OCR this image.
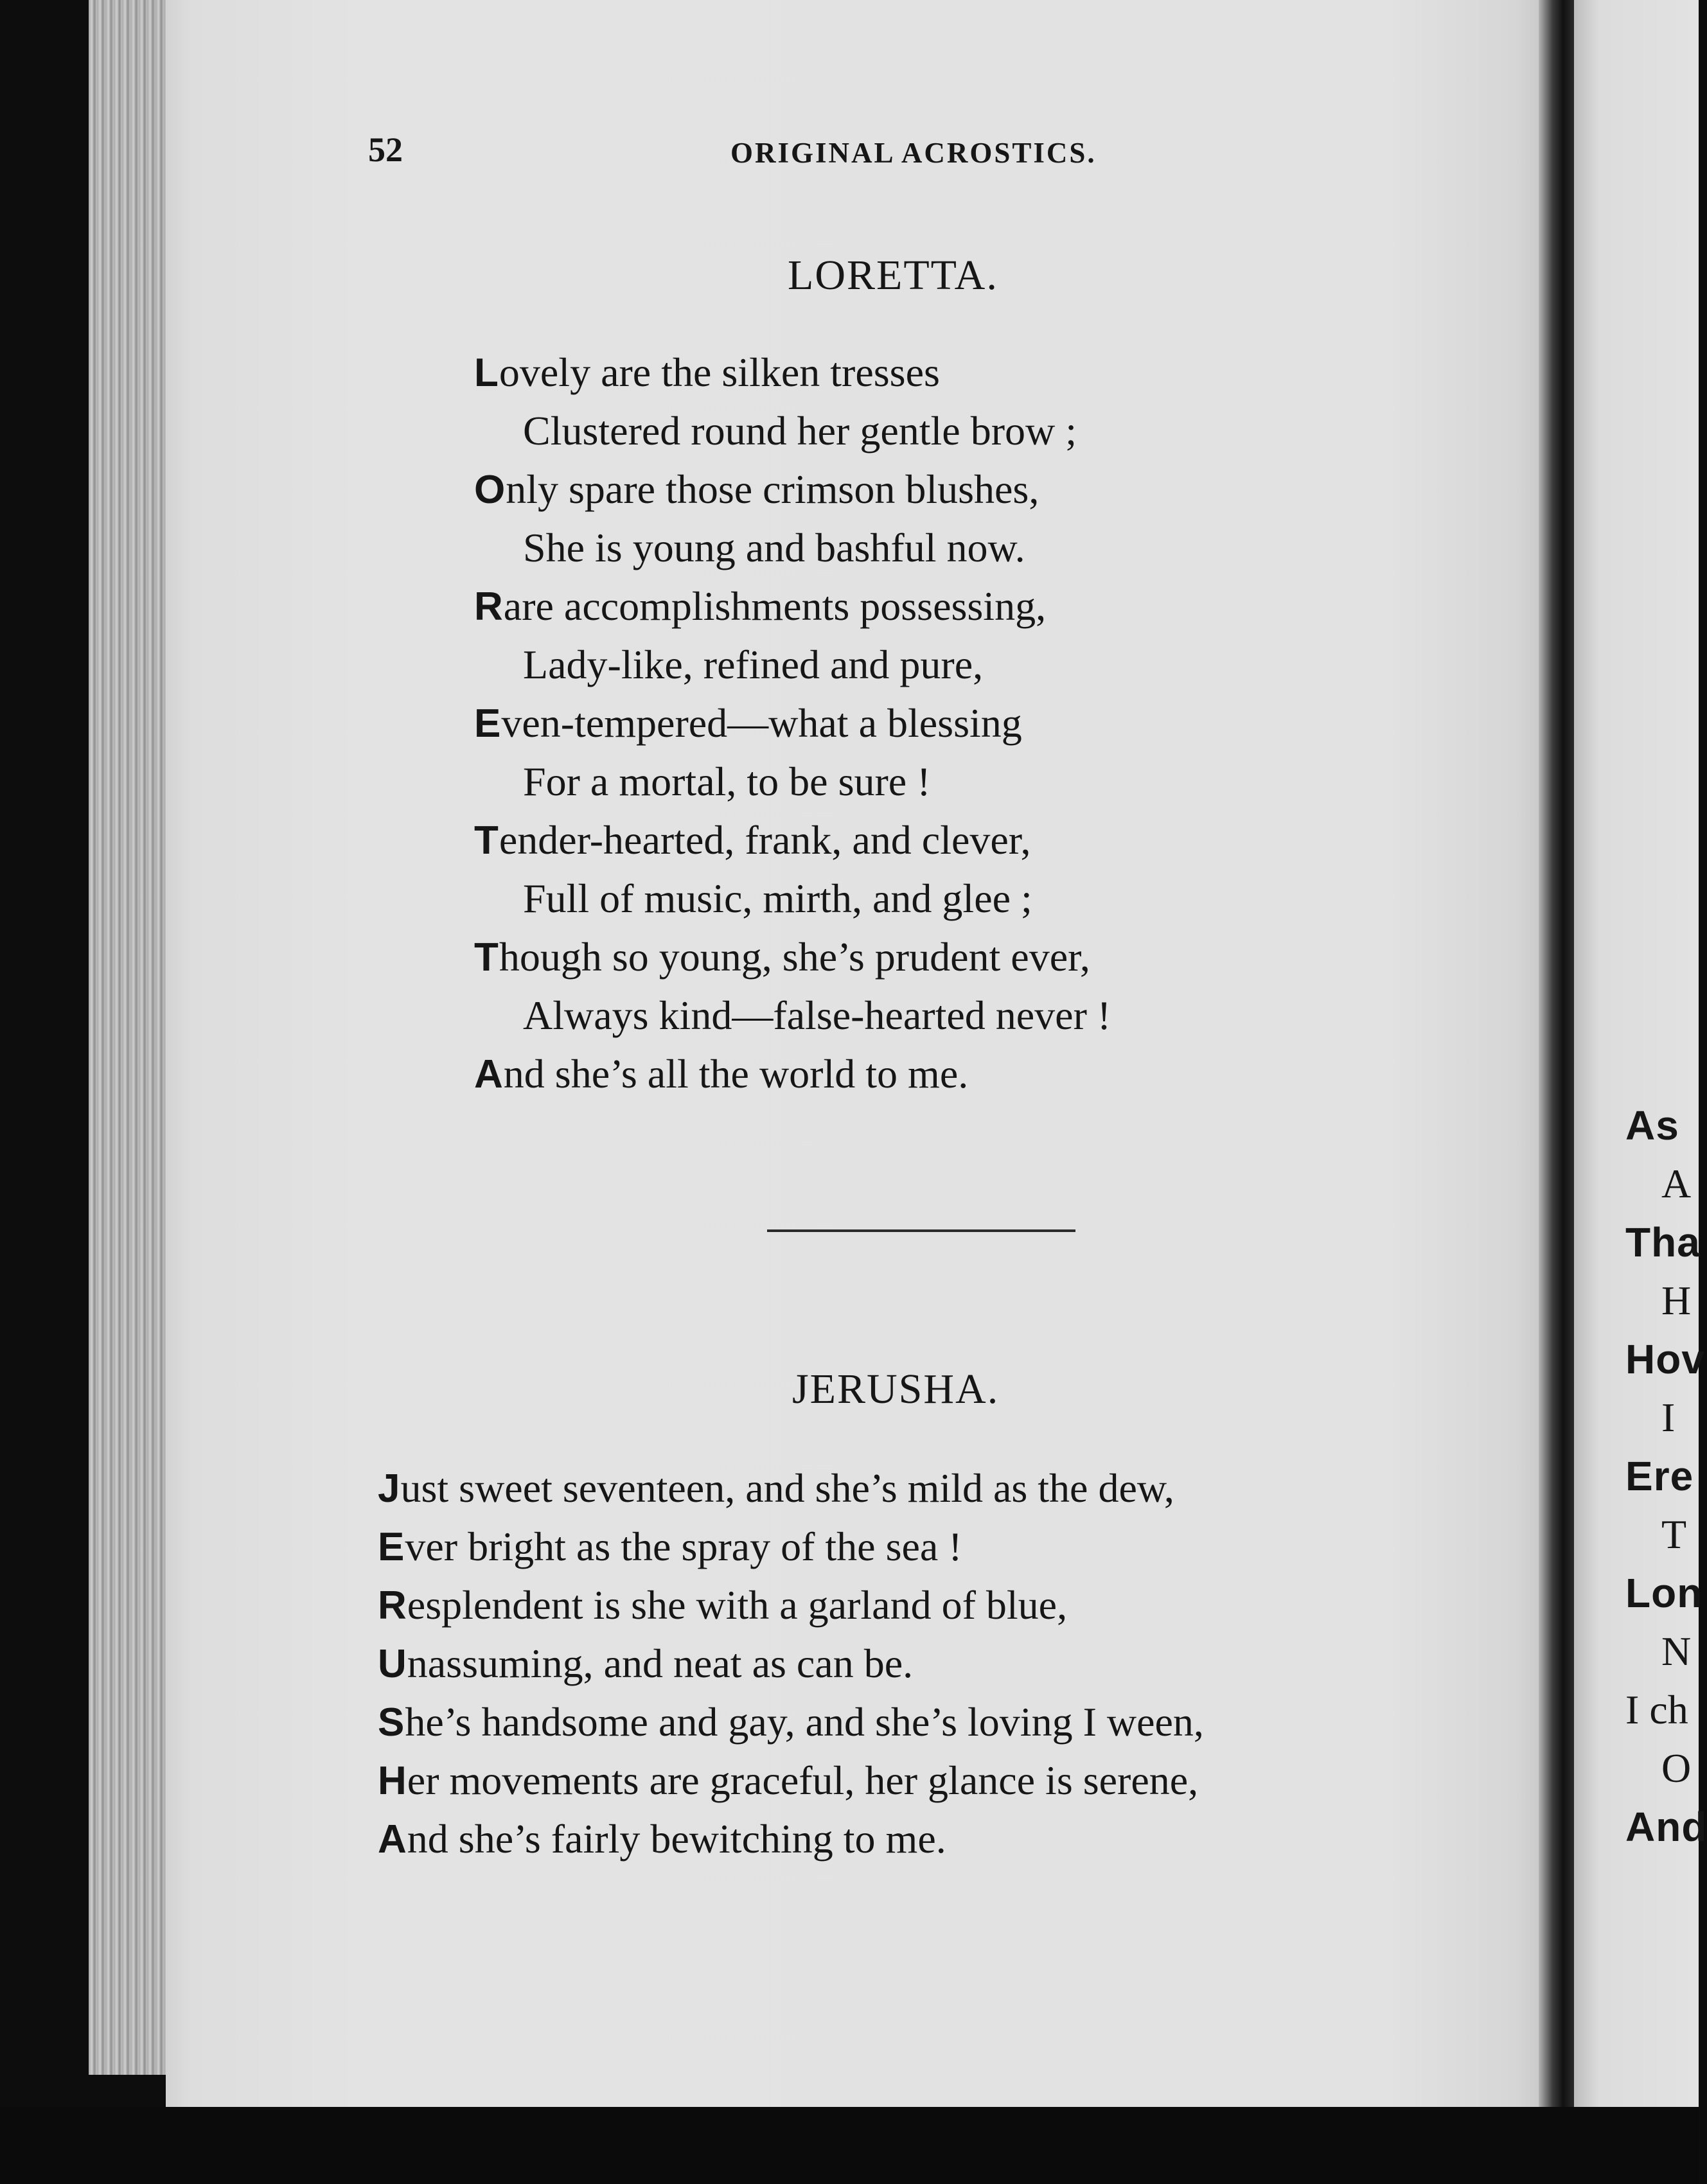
52	ORIGINAL ACROSTICS.
LORETTA.
Lovely are the silken tresses
Clustered round her gentle brow ;
Only spare those crimson blushes,
She is young and bashful now.
Rare accomplishments possessing,
Lady-like, refined and pure,
Even-tempered—what a blessing
For a mortal, to be sure !
Tender-hearted, frank, and clever,
Full of music, mirth, and glee ;
Though so young, she’s prudent ever,
Always kind—false-hearted never !
And she’s all the world to me.
JERUSHA.
Just sweet seventeen, and she’s mild as the dew,
Ever bright as the spray of the sea !
Resplendent is she with a garland of blue,
Unassuming, and neat as can be.
She’s handsome and gay, and she’s loving I ween,
Her movements are graceful, her glance is serene,
And she’s fairly bewitching to me.
As
A
Tha
H
Hov
I
Ere
T
Lon
N
I ch
O
And
